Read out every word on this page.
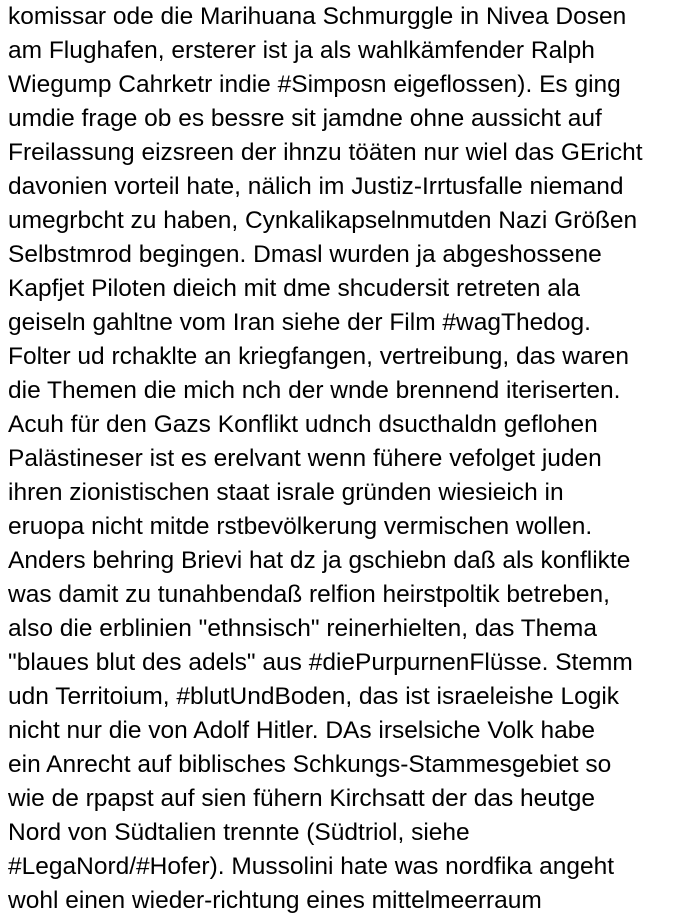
komissar ode die Marihuana Schmurggle in Nivea Dosen
am Flughafen, ersterer ist ja als wahlkämfender Ralph
Wiegump Cahrketr indie #Simposn eigeflossen). Es ging
umdie frage ob es bessre sit jamdne ohne aussicht auf
Freilassung eizsreen der ihnzu töäten nur wiel das GEricht
davonien vorteil hate, nälich im Justiz-Irrtusfalle niemand
umegrbcht zu haben, Cynkalikapselnmutden Nazi Größen
Selbstmrod begingen. Dmasl wurden ja abgeshossene
Kapfjet Piloten dieich mit dme shcudersit retreten ala
geiseln gahltne vom Iran siehe der Film #wagThedog.
Folter ud rchaklte an kriegfangen, vertreibung, das waren
die Themen die mich nch der wnde brennend iteriserten.
Acuh für den Gazs Konflikt udnch dsucthaldn geflohen
Palästineser ist es erelvant wenn fühere vefolget juden
ihren zionistischen staat israle gründen wiesieich in
eruopa nicht mitde rstbevölkerung vermischen wollen.
Anders behring Brievi hat dz ja gschiebn daß als konflikte
was damit zu tunahbendaß relfion heirstpoltik betreben,
also die erblinien "ethnsisch" reinerhielten, das Thema
"blaues blut des adels" aus #diePurpurnenFlüsse. Stemm
udn Territoium, #blutUndBoden, das ist israeleishe Logik
nicht nur die von Adolf Hitler. DAs irselsiche Volk habe
ein Anrecht auf biblisches Schkungs-Stammesgebiet so
wie de rpapst auf sien fühern Kirchsatt der das heutge
Nord von Südtalien trennte (Südtriol, siehe
#LegaNord/#Hofer). Mussolini hate was nordfika angeht
wohl einen wieder-richtung eines mittelmeerraum
